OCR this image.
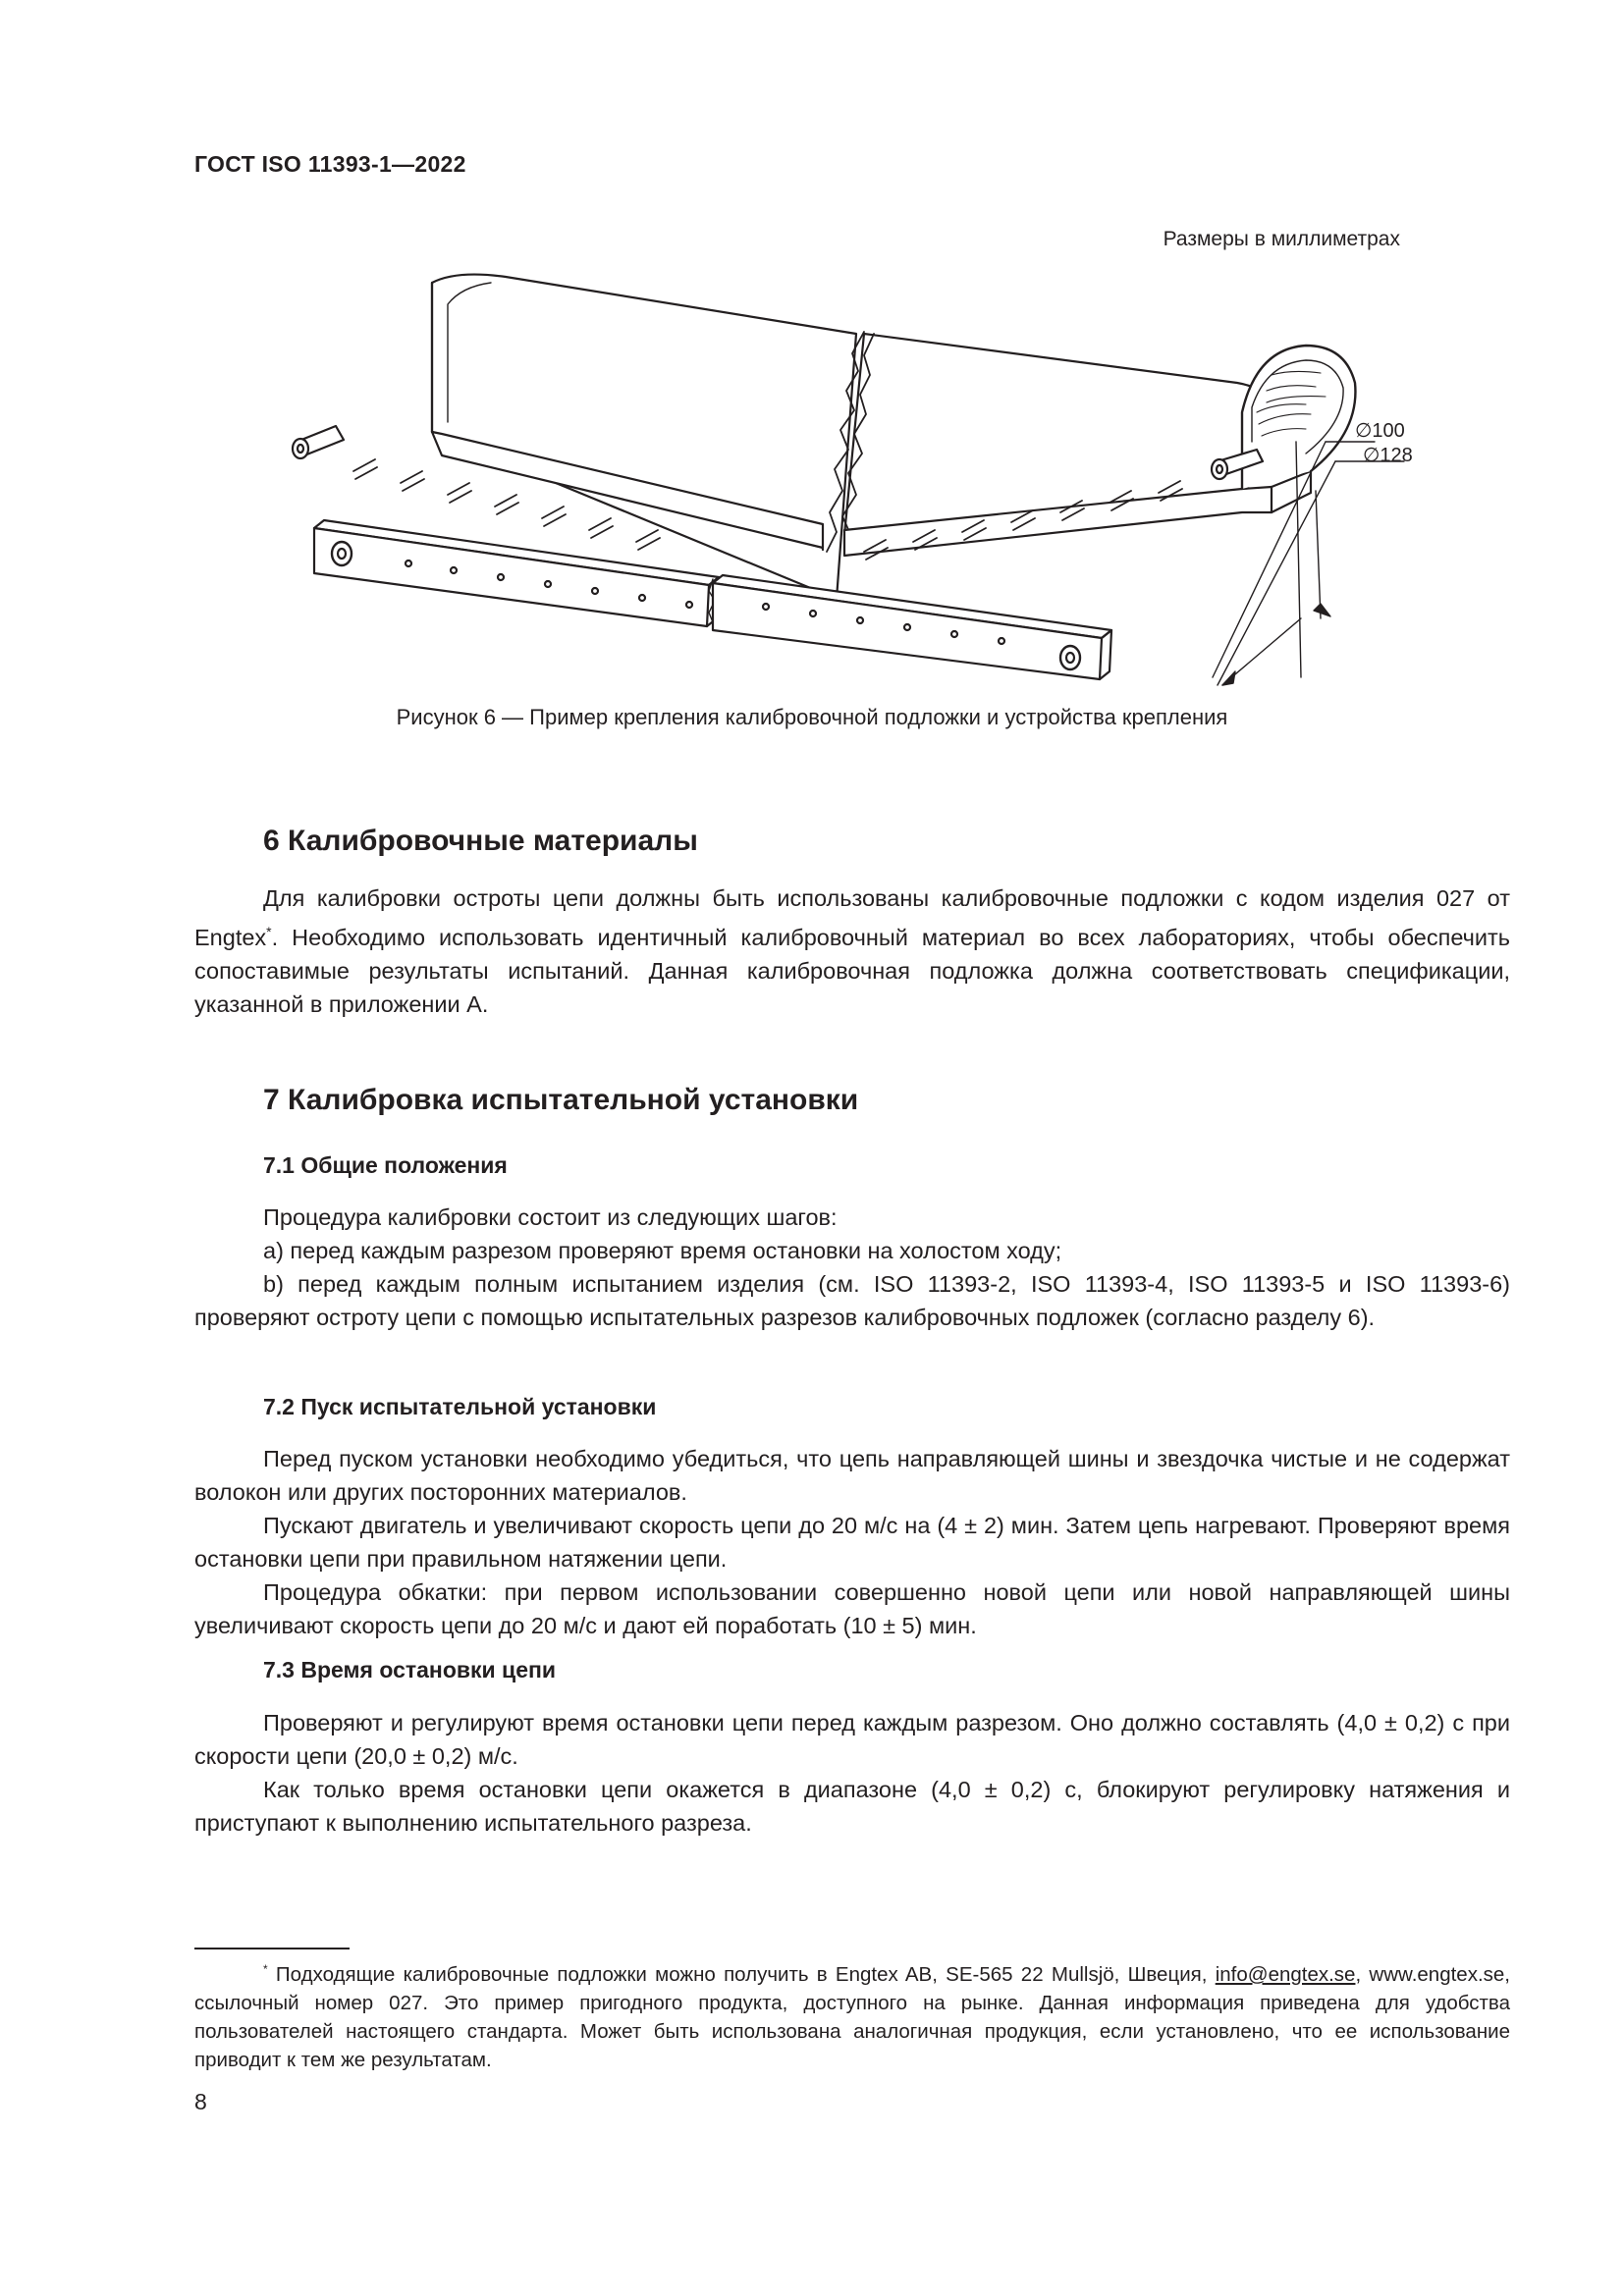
ГОСТ ISO 11393-1—2022
Размеры в миллиметрах
∅100
∅128
Рисунок 6 — Пример крепления калибровочной подложки и устройства крепления
6 Калибровочные материалы
Для калибровки остроты цепи должны быть использованы калибровочные подложки с кодом изделия 027 от Engtex*. Необходимо использовать идентичный калибровочный материал во всех лабораториях, чтобы обеспечить сопоставимые результаты испытаний. Данная калибровочная подложка должна соответствовать спецификации, указанной в приложении А.
7 Калибровка испытательной установки
7.1 Общие положения
Процедура калибровки состоит из следующих шагов:
a) перед каждым разрезом проверяют время остановки на холостом ходу;
b) перед каждым полным испытанием изделия (см. ISO 11393-2, ISO 11393-4, ISO 11393-5 и ISO 11393-6) проверяют остроту цепи с помощью испытательных разрезов калибровочных подложек (согласно разделу 6).
7.2 Пуск испытательной установки
Перед пуском установки необходимо убедиться, что цепь направляющей шины и звездочка чистые и не содержат волокон или других посторонних материалов.
Пускают двигатель и увеличивают скорость цепи до 20 м/с на (4 ± 2) мин. Затем цепь нагревают. Проверяют время остановки цепи при правильном натяжении цепи.
Процедура обкатки: при первом использовании совершенно новой цепи или новой направляющей шины увеличивают скорость цепи до 20 м/с и дают ей поработать (10 ± 5) мин.
7.3 Время остановки цепи
Проверяют и регулируют время остановки цепи перед каждым разрезом. Оно должно составлять (4,0 ± 0,2) с при скорости цепи (20,0 ± 0,2) м/с.
Как только время остановки цепи окажется в диапазоне (4,0 ± 0,2) с, блокируют регулировку натяжения и приступают к выполнению испытательного разреза.
* Подходящие калибровочные подложки можно получить в Engtex AB, SE-565 22 Mullsjö, Швеция, info@engtex.se, www.engtex.se, ссылочный номер 027. Это пример пригодного продукта, доступного на рынке. Данная информация приведена для удобства пользователей настоящего стандарта. Может быть использована аналогичная продукция, если установлено, что ее использование приводит к тем же результатам.
8
